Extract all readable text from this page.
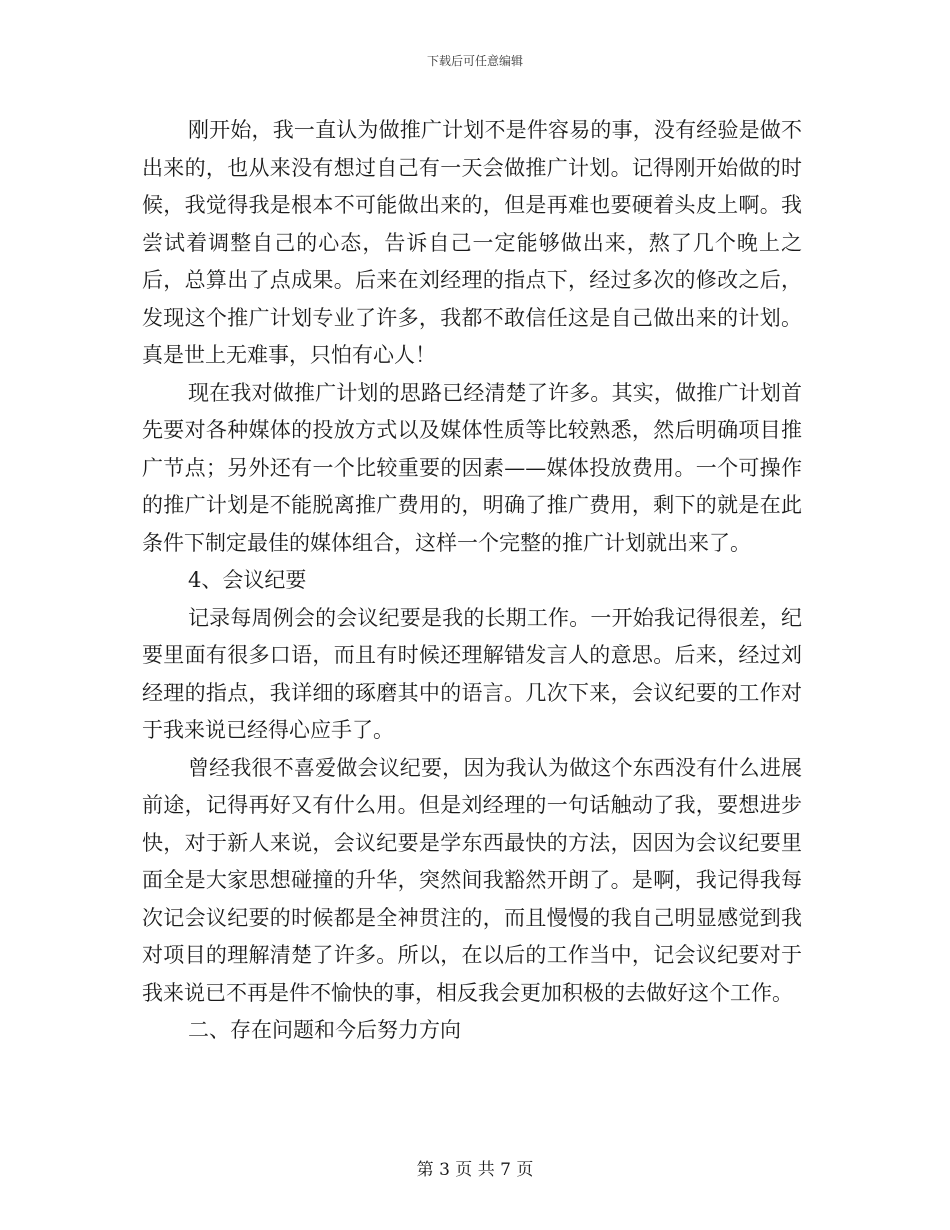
下载后可任意编辑

刚开始，我一直认为做推广计划不是件容易的事，没有经验是做不出来的，也从来没有想过自己有一天会做推广计划。记得刚开始做的时候，我觉得我是根本不可能做出来的，但是再难也要硬着头皮上啊。我尝试着调整自己的心态，告诉自己一定能够做出来，熬了几个晚上之后，总算出了点成果。后来在刘经理的指点下，经过多次的修改之后，发现这个推广计划专业了许多，我都不敢信任这是自己做出来的计划。真是世上无难事，只怕有心人！

现在我对做推广计划的思路已经清楚了许多。其实，做推广计划首先要对各种媒体的投放方式以及媒体性质等比较熟悉，然后明确项目推广节点；另外还有一个比较重要的因素——媒体投放费用。一个可操作的推广计划是不能脱离推广费用的，明确了推广费用，剩下的就是在此条件下制定最佳的媒体组合，这样一个完整的推广计划就出来了。

4、会议纪要

记录每周例会的会议纪要是我的长期工作。一开始我记得很差，纪要里面有很多口语，而且有时候还理解错发言人的意思。后来，经过刘经理的指点，我详细的琢磨其中的语言。几次下来，会议纪要的工作对于我来说已经得心应手了。

曾经我很不喜爱做会议纪要，因为我认为做这个东西没有什么进展前途，记得再好又有什么用。但是刘经理的一句话触动了我，要想进步快，对于新人来说，会议纪要是学东西最快的方法，因因为会议纪要里面全是大家思想碰撞的升华，突然间我豁然开朗了。是啊，我记得我每次记会议纪要的时候都是全神贯注的，而且慢慢的我自己明显感觉到我对项目的理解清楚了许多。所以，在以后的工作当中，记会议纪要对于我来说已不再是件不愉快的事，相反我会更加积极的去做好这个工作。

二、存在问题和今后努力方向

第 3 页 共 7 页
